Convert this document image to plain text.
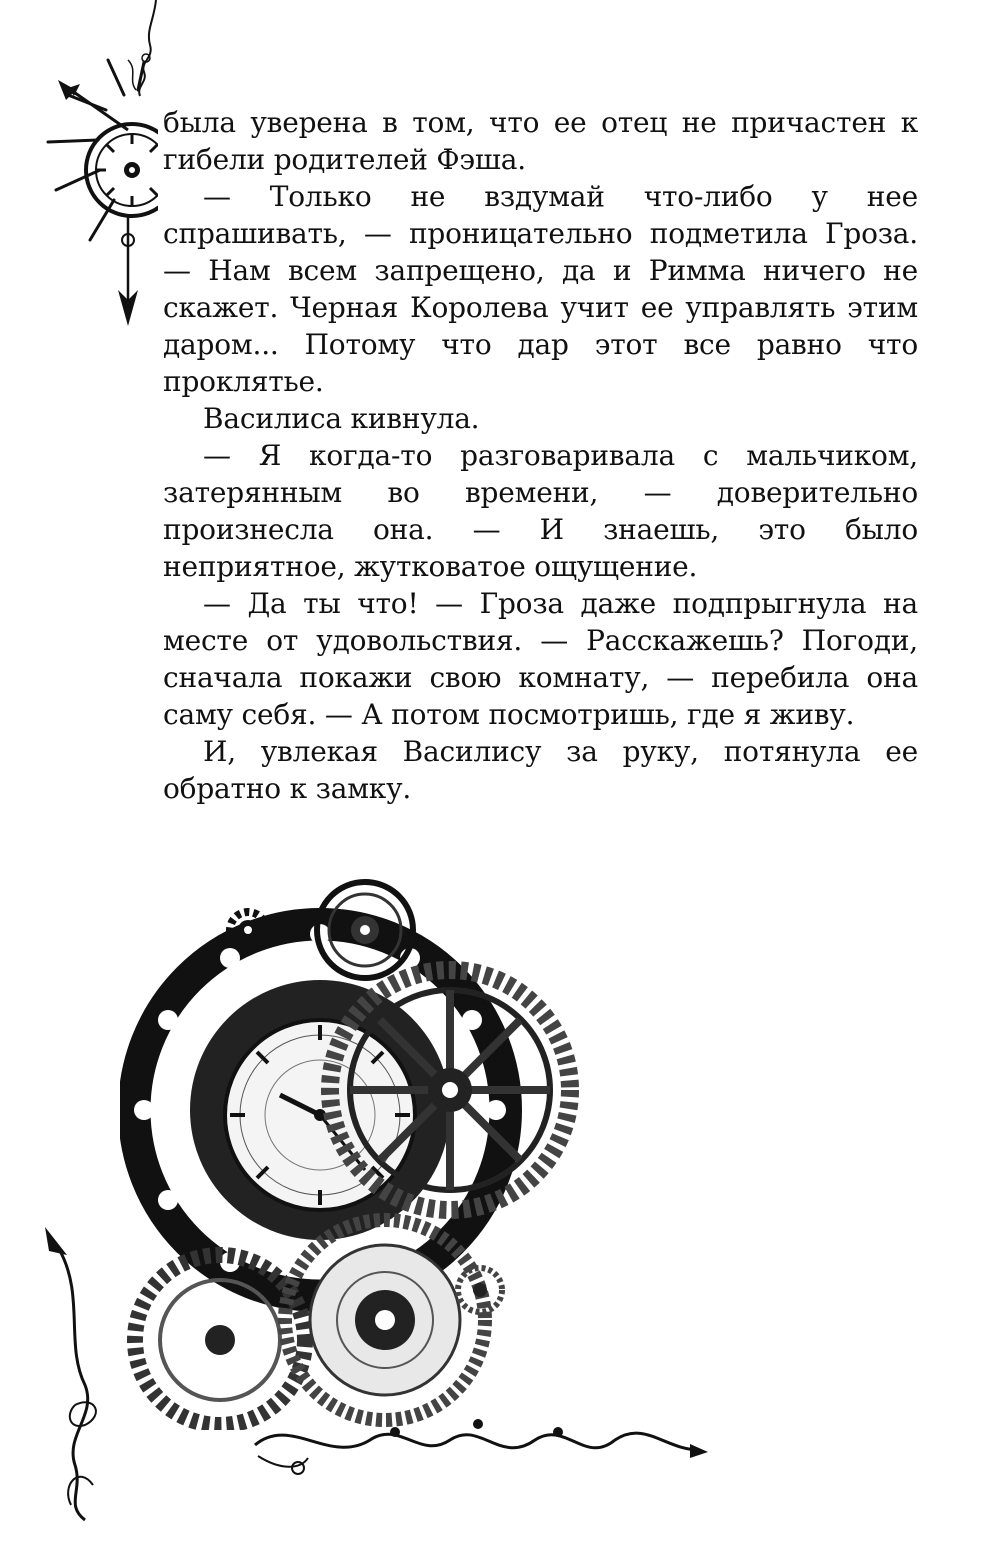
была уверена в том, что ее отец не причастен к гибели родителей Фэша.

— Только не вздумай что-либо у нее спрашивать, — проницательно подметила Гроза. — Нам всем запрещено, да и Римма ничего не скажет. Черная Королева учит ее управлять этим даром... Потому что дар этот все равно что проклятье.

Василиса кивнула.

— Я когда-то разговаривала с мальчиком, затерянным во времени, — доверительно произнесла она. — И знаешь, это было неприятное, жутковатое ощущение.

— Да ты что! — Гроза даже подпрыгнула на месте от удовольствия. — Расскажешь? Погоди, сначала покажи свою комнату, — перебила она саму себя. — А потом посмотришь, где я живу.

И, увлекая Василису за руку, потянула ее обратно к замку.
